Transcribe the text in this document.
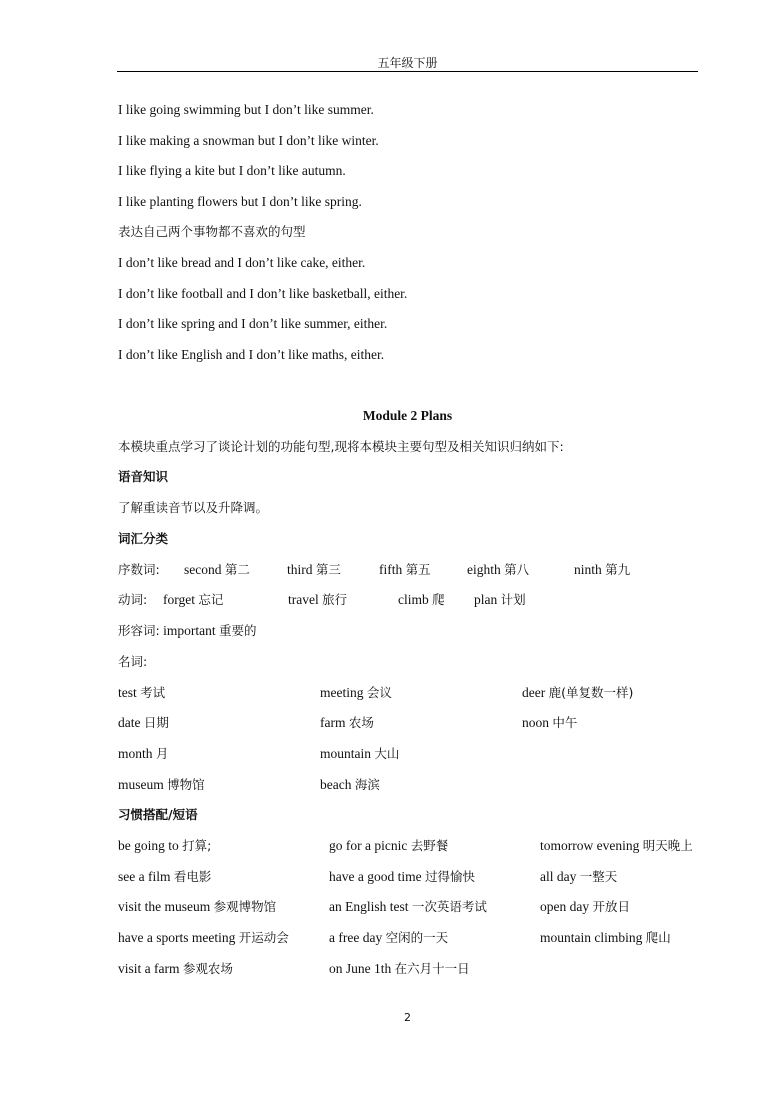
五年级下册
I like going swimming but I don’t like summer.
I like making a snowman but I don’t like winter.
I like flying a kite but I don’t like autumn.
I like planting flowers but I don’t like spring.
表达自己两个事物都不喜欢的句型
I don’t like bread and I don’t like cake, either.
I don’t like football and I don’t like basketball, either.
I don’t like spring and I don’t like summer, either.
I don’t like English and I don’t like maths, either.
Module 2 Plans
本模块重点学习了谈论计划的功能句型,现将本模块主要句型及相关知识归纳如下:
语音知识
了解重读音节以及升降调。
词汇分类
序数词: second 第二	third 第三	fifth 第五	eighth 第八	ninth 第九
动词: forget 忘记	travel 旅行	climb 爬 plan 计划
形容词: important 重要的
名词:
test 考试	meeting 会议	deer 鹿(单复数一样)
date 日期	farm 农场	noon 中午
month 月	mountain 大山
museum 博物馆	beach 海滨
习惯搭配/短语
be going to 打算;	go for a picnic 去野餐	tomorrow evening 明天晚上
see a film 看电影	have a good time 过得愉快	all day 一整天
visit the museum 参观博物馆	an English test 一次英语考试	open day 开放日
have a sports meeting 开运动会	a free day 空闲的一天	mountain climbing 爬山
visit a farm 参观农场	on June 1th 在六月十一日
2
